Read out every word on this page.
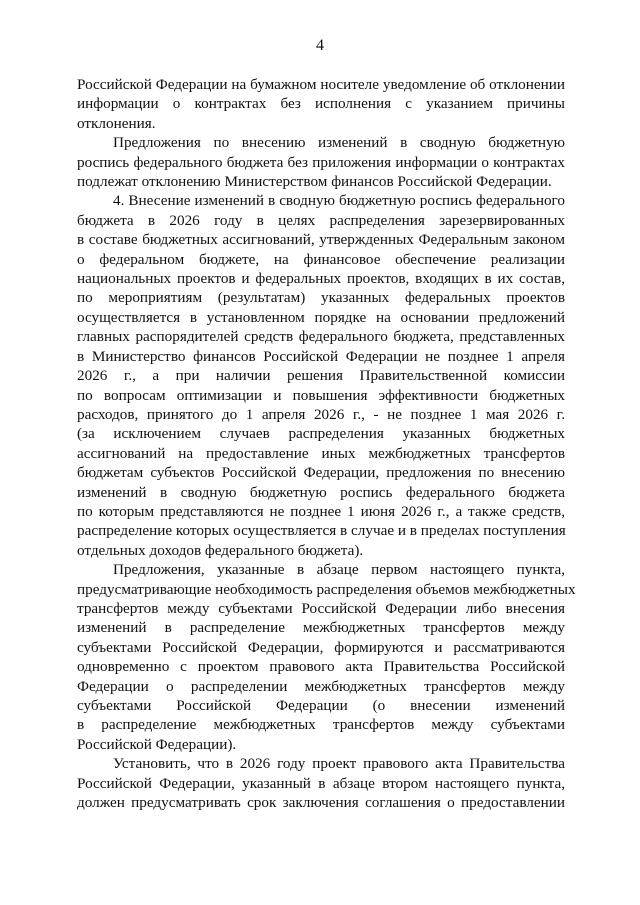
4

Российской Федерации на бумажном носителе уведомление об отклонении
информации о контрактах без исполнения с указанием причины
отклонения.

Предложения по внесению изменений в сводную бюджетную
роспись федерального бюджета без приложения информации о контрактах
подлежат отклонению Министерством финансов Российской Федерации.

4. Внесение изменений в сводную бюджетную роспись федерального
бюджета в 2026 году в целях распределения зарезервированных
в составе бюджетных ассигнований, утвержденных Федеральным законом
о федеральном бюджете, на финансовое обеспечение реализации
национальных проектов и федеральных проектов, входящих в их состав,
по мероприятиям (результатам) указанных федеральных проектов
осуществляется в установленном порядке на основании предложений
главных распорядителей средств федерального бюджета, представленных
в Министерство финансов Российской Федерации не позднее 1 апреля
2026 г., а при наличии решения Правительственной комиссии
по вопросам оптимизации и повышения эффективности бюджетных
расходов, принятого до 1 апреля 2026 г., - не позднее 1 мая 2026 г.
(за исключением случаев распределения указанных бюджетных
ассигнований на предоставление иных межбюджетных трансфертов
бюджетам субъектов Российской Федерации, предложения по внесению
изменений в сводную бюджетную роспись федерального бюджета
по которым представляются не позднее 1 июня 2026 г., а также средств,
распределение которых осуществляется в случае и в пределах поступления
отдельных доходов федерального бюджета).

Предложения, указанные в абзаце первом настоящего пункта,
предусматривающие необходимость распределения объемов межбюджетных
трансфертов между субъектами Российской Федерации либо внесения
изменений в распределение межбюджетных трансфертов между
субъектами Российской Федерации, формируются и рассматриваются
одновременно с проектом правового акта Правительства Российской
Федерации о распределении межбюджетных трансфертов между
субъектами Российской Федерации (о внесении изменений
в распределение межбюджетных трансфертов между субъектами
Российской Федерации).

Установить, что в 2026 году проект правового акта Правительства
Российской Федерации, указанный в абзаце втором настоящего пункта,
должен предусматривать срок заключения соглашения о предоставлении
